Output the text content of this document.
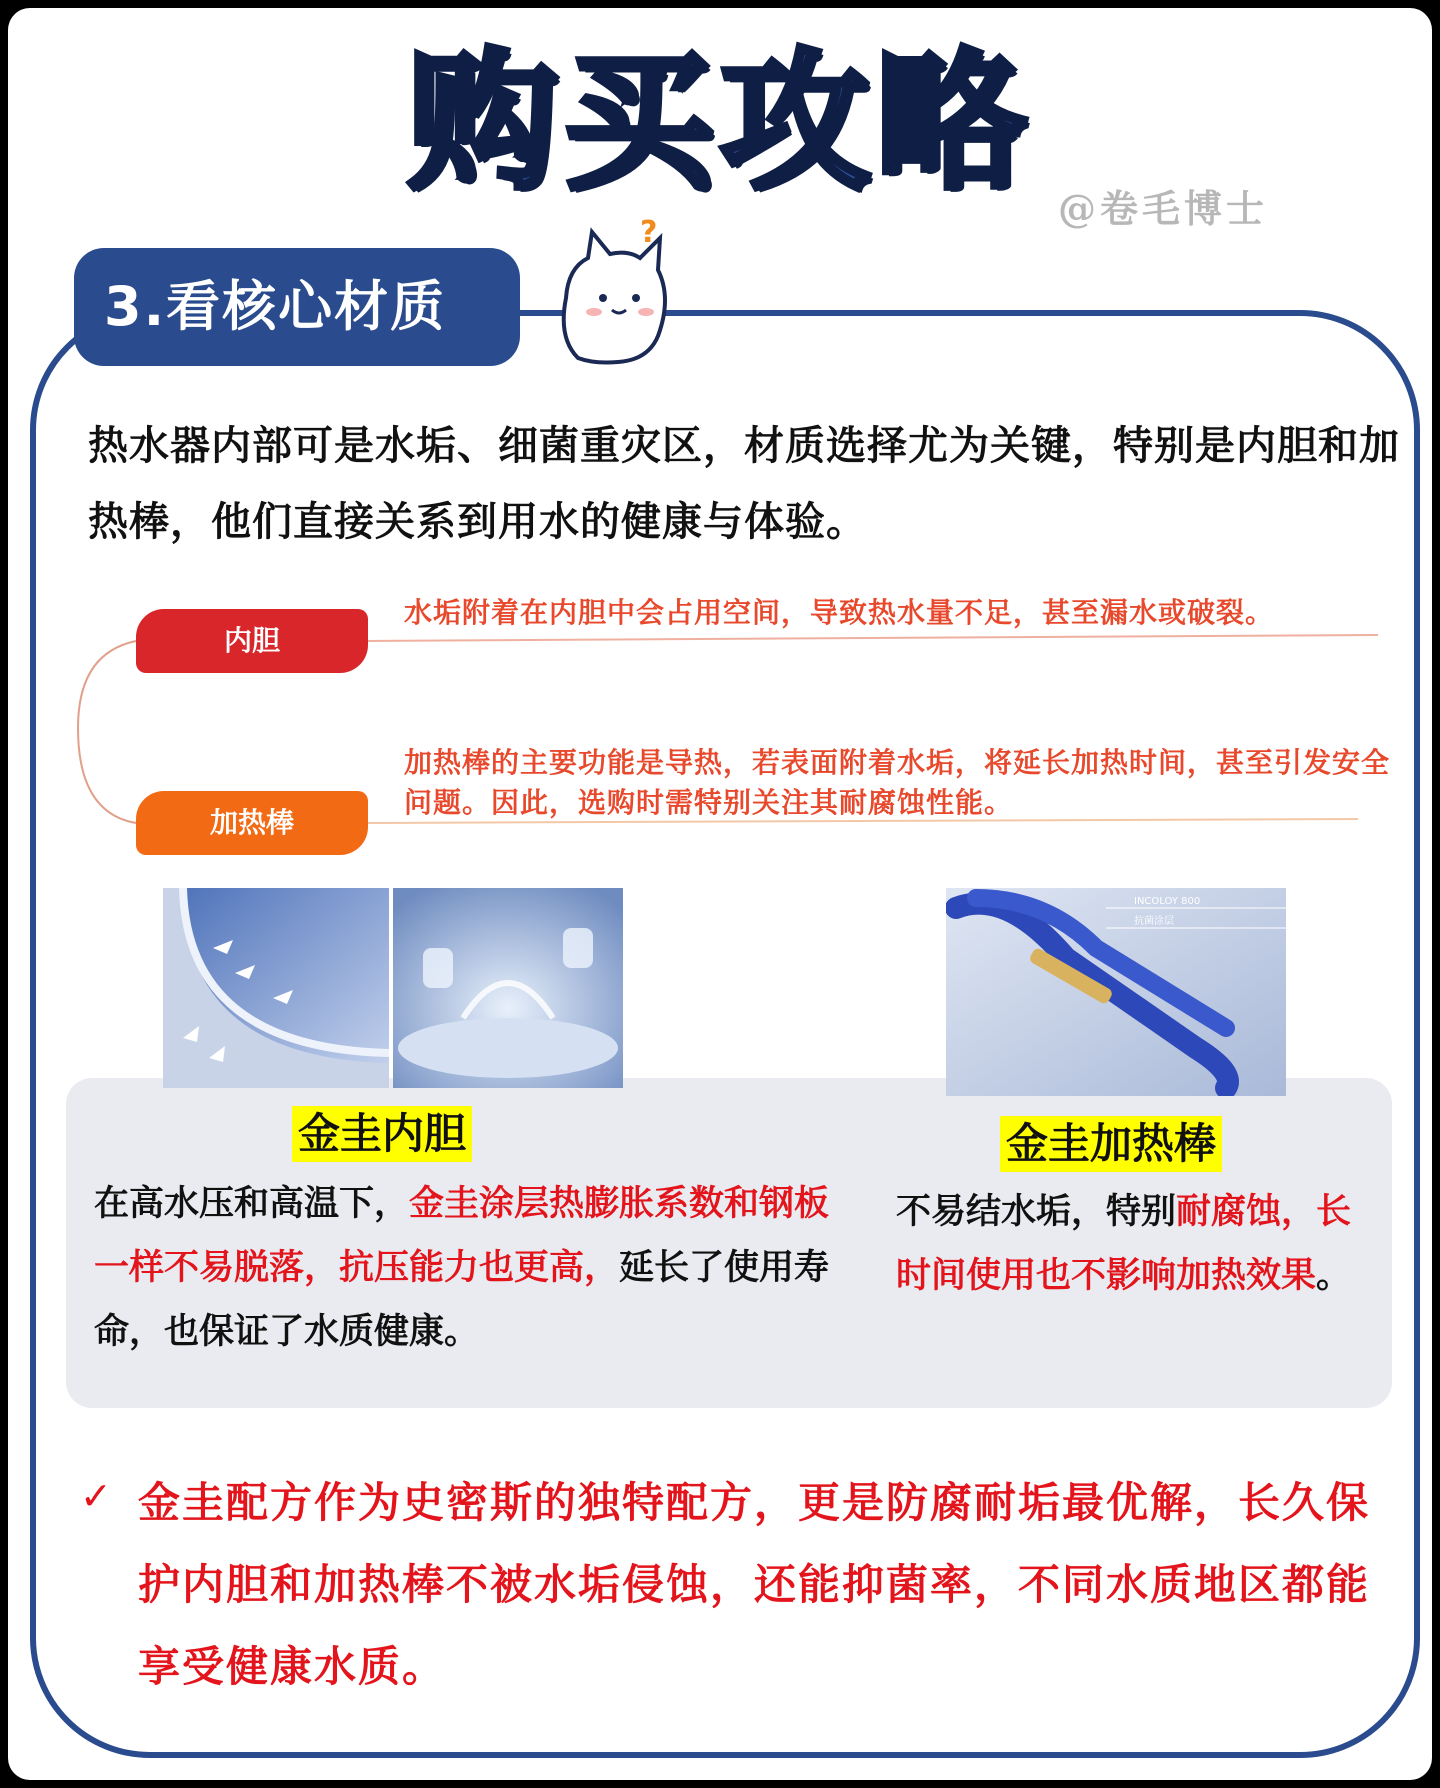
购买攻略 @卷毛博士
3.看核心材质
?
热水器内部可是水垢、细菌重灾区，材质选择尤为关键，特别是内胆和加热棒，他们直接关系到用水的健康与体验。
内胆
水垢附着在内胆中会占用空间，导致热水量不足，甚至漏水或破裂。
加热棒
加热棒的主要功能是导热，若表面附着水垢，将延长加热时间，甚至引发安全问题。因此，选购时需特别关注其耐腐蚀性能。
INCOLOY 800
抗菌涂层
金圭内胆	金圭加热棒
在高水压和高温下，金圭涂层热膨胀系数和钢板一样不易脱落，抗压能力也更高，延长了使用寿命，也保证了水质健康。
不易结水垢，特别耐腐蚀，长时间使用也不影响加热效果。
✓ 金圭配方作为史密斯的独特配方，更是防腐耐垢最优解，长久保护内胆和加热棒不被水垢侵蚀，还能抑菌率，不同水质地区都能享受健康水质。
